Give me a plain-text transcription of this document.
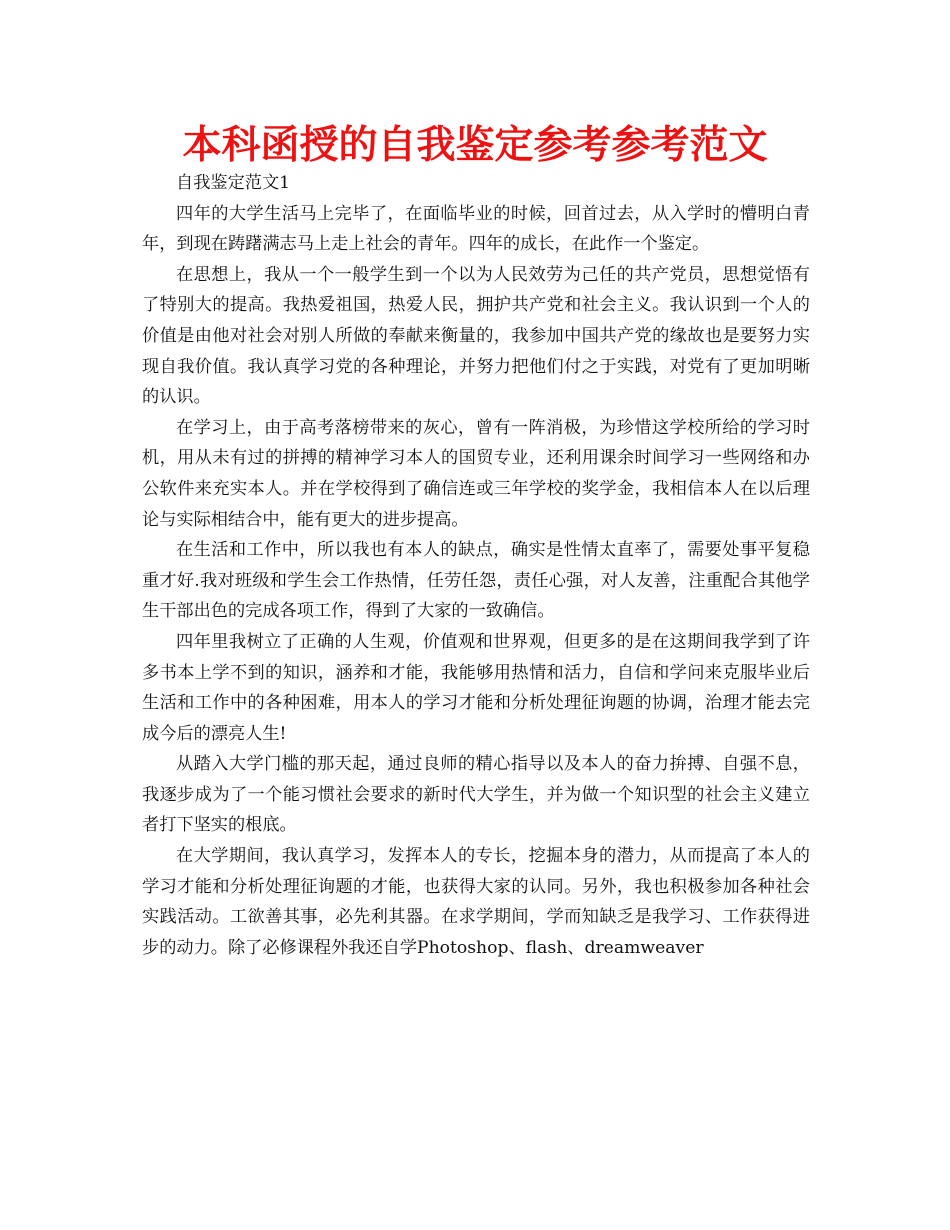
本科函授的自我鉴定参考参考范文

自我鉴定范文1

四年的大学生活马上完毕了，在面临毕业的时候，回首过去，从入学时的懵明白青年，到现在踌躇满志马上走上社会的青年。四年的成长，在此作一个鉴定。

在思想上，我从一个一般学生到一个以为人民效劳为己任的共产党员，思想觉悟有了特别大的提高。我热爱祖国，热爱人民，拥护共产党和社会主义。我认识到一个人的价值是由他对社会对别人所做的奉献来衡量的，我参加中国共产党的缘故也是要努力实现自我价值。我认真学习党的各种理论，并努力把他们付之于实践，对党有了更加明晰的认识。

在学习上，由于高考落榜带来的灰心，曾有一阵消极，为珍惜这学校所给的学习时机，用从未有过的拼搏的精神学习本人的国贸专业，还利用课余时间学习一些网络和办公软件来充实本人。并在学校得到了确信连或三年学校的奖学金，我相信本人在以后理论与实际相结合中，能有更大的进步提高。

在生活和工作中，所以我也有本人的缺点，确实是性情太直率了，需要处事平复稳重才好.我对班级和学生会工作热情，任劳任怨，责任心强，对人友善，注重配合其他学生干部出色的完成各项工作，得到了大家的一致确信。

四年里我树立了正确的人生观，价值观和世界观，但更多的是在这期间我学到了许多书本上学不到的知识，涵养和才能，我能够用热情和活力，自信和学问来克服毕业后生活和工作中的各种困难，用本人的学习才能和分析处理征询题的协调，治理才能去完成今后的漂亮人生!

从踏入大学门槛的那天起，通过良师的精心指导以及本人的奋力拚搏、自强不息，我逐步成为了一个能习惯社会要求的新时代大学生，并为做一个知识型的社会主义建立者打下坚实的根底。

在大学期间，我认真学习，发挥本人的专长，挖掘本身的潜力，从而提高了本人的学习才能和分析处理征询题的才能，也获得大家的认同。另外，我也积极参加各种社会实践活动。工欲善其事，必先利其器。在求学期间，学而知缺乏是我学习、工作获得进步的动力。除了必修课程外我还自学Photoshop、flash、dreamweaver
